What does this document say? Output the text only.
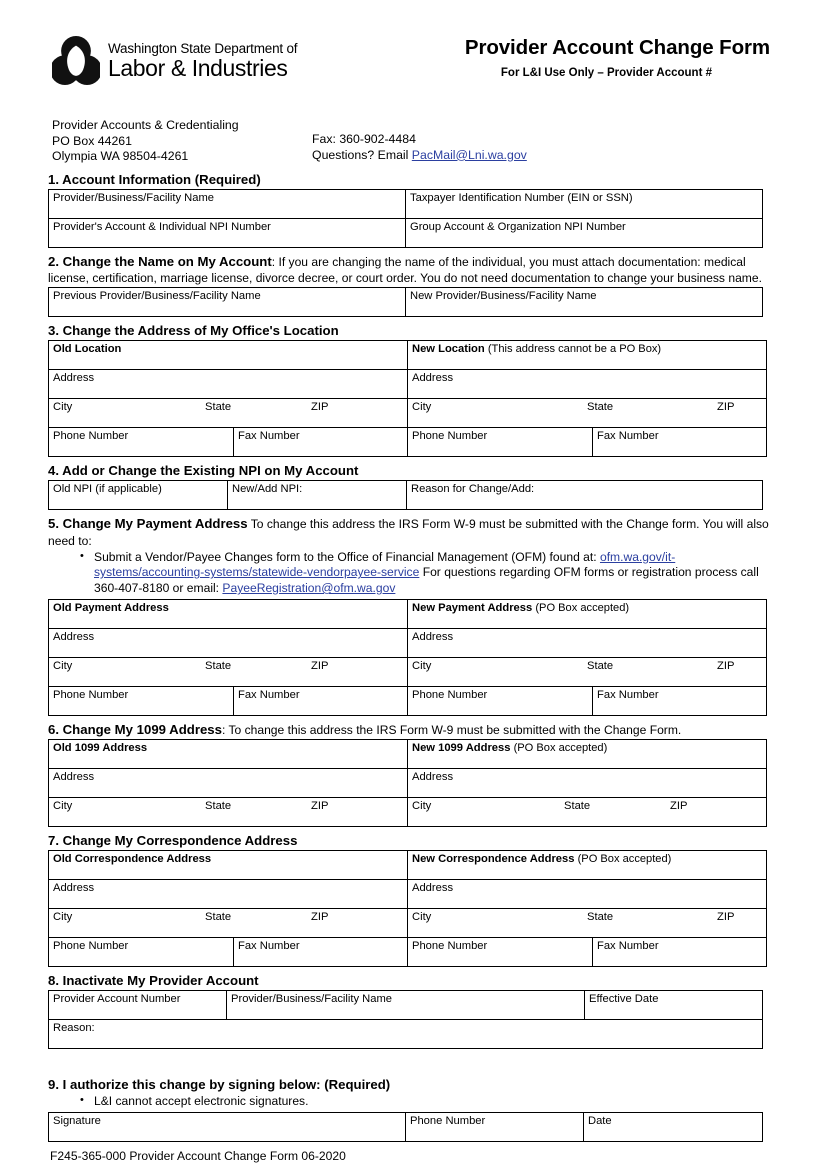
Washington State Department of
Labor & Industries
Provider Account Change Form
For L&I Use Only – Provider Account #
Provider Accounts & Credentialing
PO Box 44261
Olympia WA 98504-4261
Fax: 360-902-4484
Questions? Email PacMail@Lni.wa.gov
1. Account Information (Required)
Provider/Business/Facility Name	Taxpayer Identification Number (EIN or SSN)
Provider's Account & Individual NPI Number	Group Account & Organization NPI Number
2. Change the Name on My Account: If you are changing the name of the individual, you must attach documentation: medical license, certification, marriage license, divorce decree, or court order. You do not need documentation to change your business name.
Previous Provider/Business/Facility Name	New Provider/Business/Facility Name
3. Change the Address of My Office's Location
Old Location		New Location (This address cannot be a PO Box)	
Address		Address	

City State ZIP		City State ZIP	

Phone Number	Fax Number	Phone Number	Fax Number
4. Add or Change the Existing NPI on My Account
Old NPI (if applicable)	New/Add NPI:	Reason for Change/Add:
5. Change My Payment Address To change this address the IRS Form W-9 must be submitted with the Change form. You will also need to:
• Submit a Vendor/Payee Changes form to the Office of Financial Management (OFM) found at: ofm.wa.gov/it-systems/accounting-systems/statewide-vendorpayee-service For questions regarding OFM forms or registration process call 360-407-8180 or email: PayeeRegistration@ofm.wa.gov
Old Payment Address		New Payment Address (PO Box accepted)	
Address		Address	

City State ZIP		City State ZIP	

Phone Number	Fax Number	Phone Number	Fax Number
6. Change My 1099 Address: To change this address the IRS Form W-9 must be submitted with the Change Form.
Old 1099 Address	New 1099 Address (PO Box accepted)
Address	Address

City State ZIP	City State ZIP
7. Change My Correspondence Address
Old Correspondence Address		New Correspondence Address (PO Box accepted)	
Address		Address	

City State ZIP		City State ZIP	

Phone Number	Fax Number	Phone Number	Fax Number
8. Inactivate My Provider Account
Provider Account Number	Provider/Business/Facility Name	Effective Date
Reason:
9. I authorize this change by signing below: (Required)
• L&I cannot accept electronic signatures.
Signature	Phone Number	Date
F245-365-000 Provider Account Change Form 06-2020
